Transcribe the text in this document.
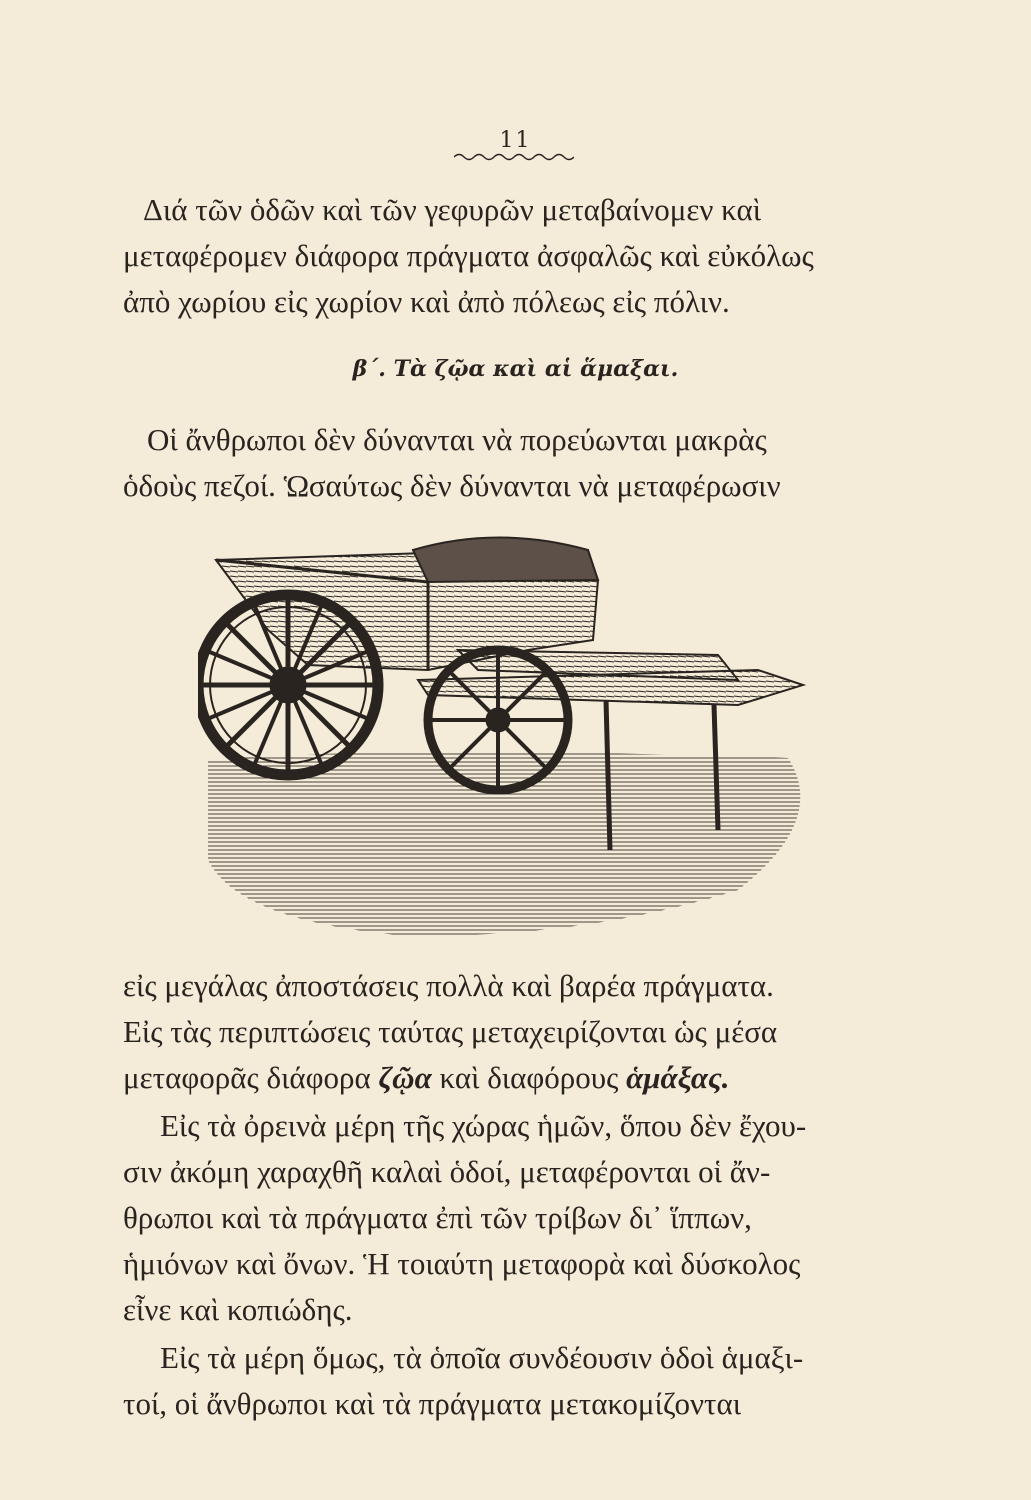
11
Διά τῶν ὁδῶν καὶ τῶν γεφυρῶν μεταβαίνομεν καὶ
μεταφέρομεν διάφορα πράγματα ἀσφαλῶς καὶ εὐκόλως
ἀπὸ χωρίου εἰς χωρίον καὶ ἀπὸ πόλεως εἰς πόλιν.
β΄. Τὰ ζῷα καὶ αἱ ἅμαξαι.
Οἱ ἄνθρωποι δὲν δύνανται νὰ πορεύωνται μακρὰς
ὁδοὺς πεζοί. Ὡσαύτως δὲν δύνανται νὰ μεταφέρωσιν
εἰς μεγάλας ἀποστάσεις πολλὰ καὶ βαρέα πράγματα.
Εἰς τὰς περιπτώσεις ταύτας μεταχειρίζονται ὡς μέσα
μεταφορᾶς διάφορα ζῷα καὶ διαφόρους ἁμάξας.
Εἰς τὰ ὀρεινὰ μέρη τῆς χώρας ἡμῶν, ὅπου δὲν ἔχου-
σιν ἀκόμη χαραχθῆ καλαὶ ὁδοί, μεταφέρονται οἱ ἄν-
θρωποι καὶ τὰ πράγματα ἐπὶ τῶν τρίβων δι᾽ ἵππων,
ἡμιόνων καὶ ὄνων. Ἡ τοιαύτη μεταφορὰ καὶ δύσκολος
εἶνε καὶ κοπιώδης.
Εἰς τὰ μέρη ὅμως, τὰ ὁποῖα συνδέουσιν ὁδοὶ ἁμαξι-
τοί, οἱ ἄνθρωποι καὶ τὰ πράγματα μετακομίζονται
